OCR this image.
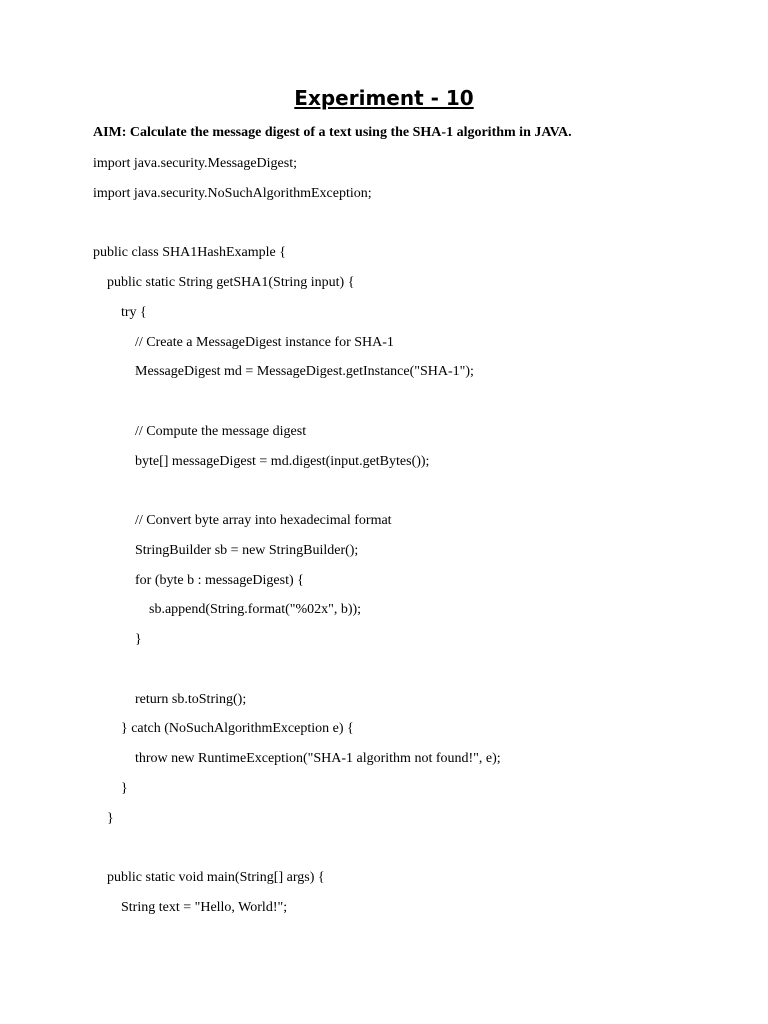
Experiment - 10
AIM: Calculate the message digest of a text using the SHA-1 algorithm in JAVA.
import java.security.MessageDigest;
import java.security.NoSuchAlgorithmException;
public class SHA1HashExample {
public static String getSHA1(String input) {
try {
// Create a MessageDigest instance for SHA-1
MessageDigest md = MessageDigest.getInstance("SHA-1");
// Compute the message digest
byte[] messageDigest = md.digest(input.getBytes());
// Convert byte array into hexadecimal format
StringBuilder sb = new StringBuilder();
for (byte b : messageDigest) {
sb.append(String.format("%02x", b));
}
return sb.toString();
} catch (NoSuchAlgorithmException e) {
throw new RuntimeException("SHA-1 algorithm not found!", e);
}
}
public static void main(String[] args) {
String text = "Hello, World!";
